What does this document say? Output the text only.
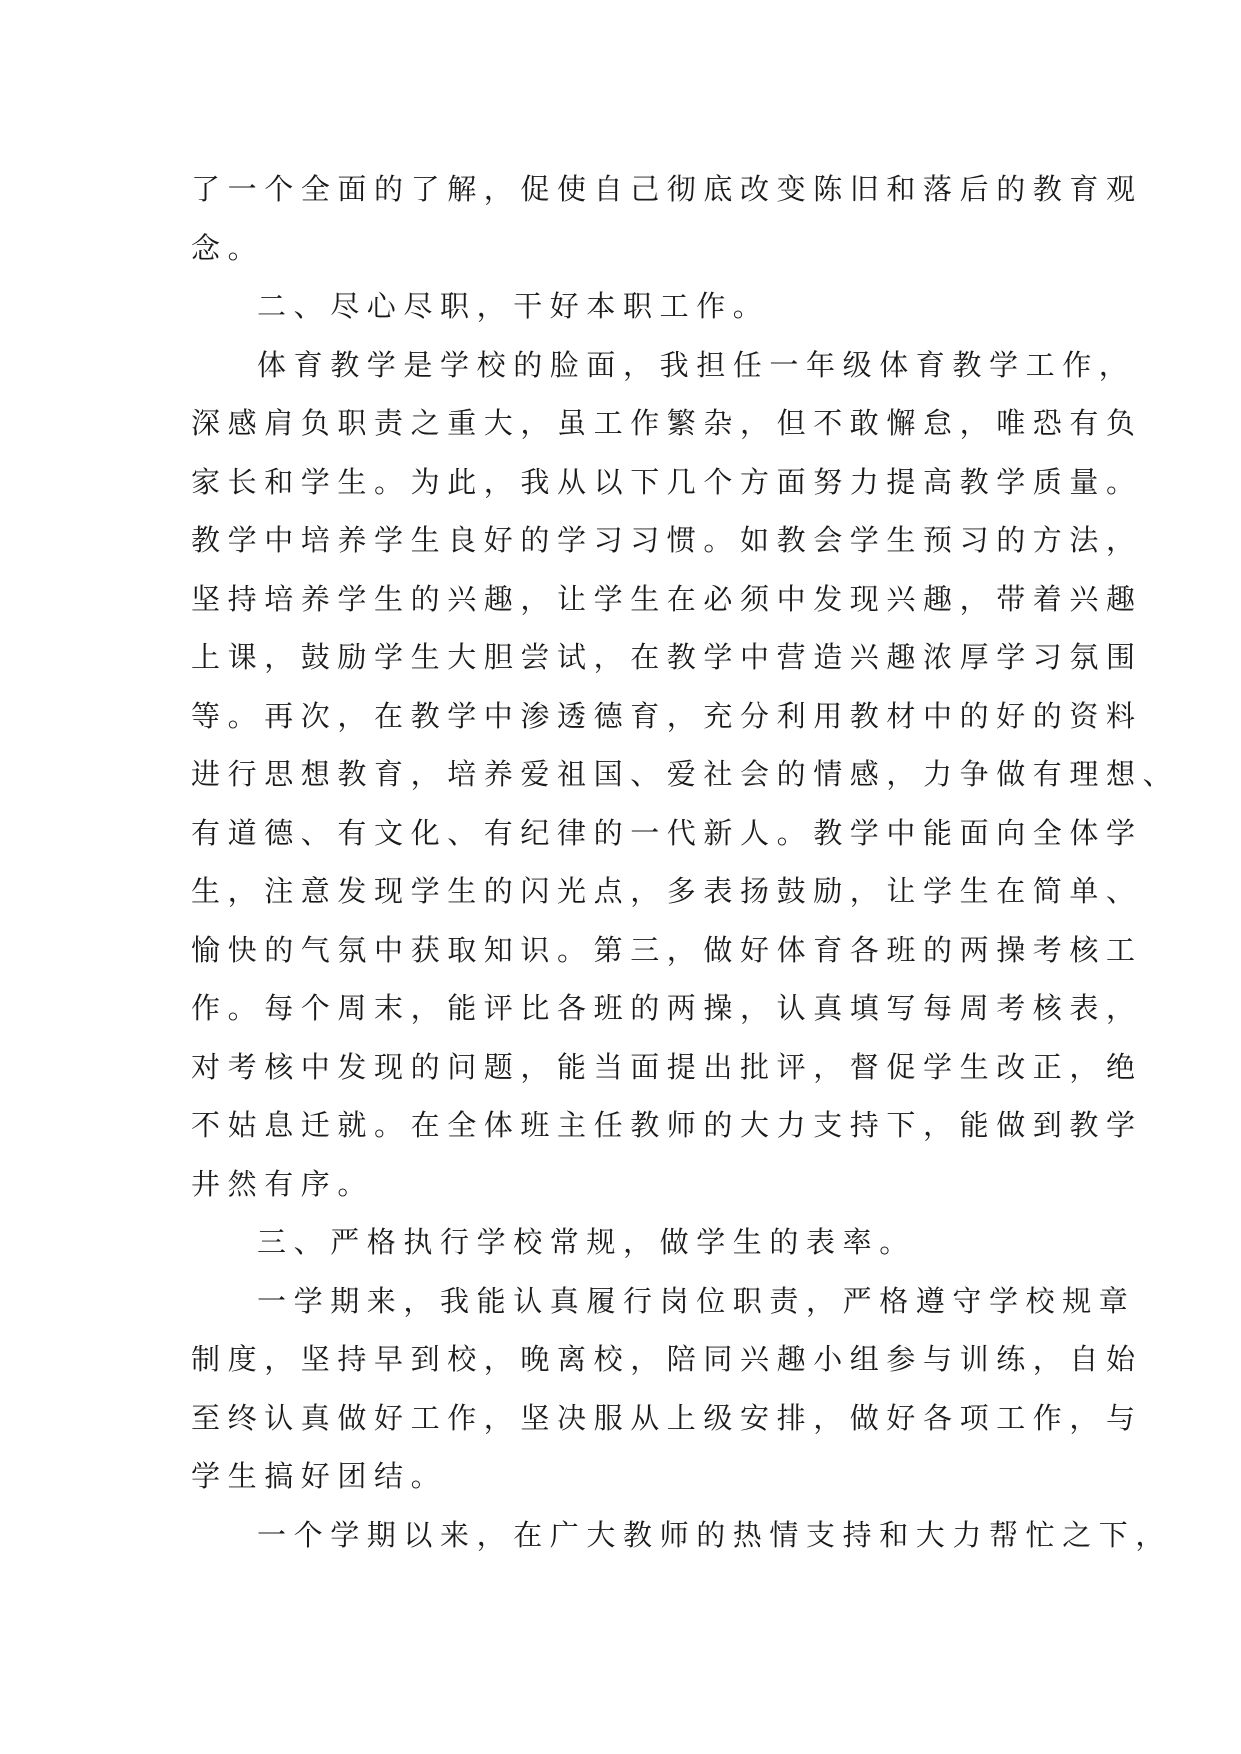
了一个全面的了解，促使自己彻底改变陈旧和落后的教育观
念。
二、尽心尽职，干好本职工作。
体育教学是学校的脸面，我担任一年级体育教学工作，
深感肩负职责之重大，虽工作繁杂，但不敢懈怠，唯恐有负
家长和学生。为此，我从以下几个方面努力提高教学质量。
教学中培养学生良好的学习习惯。如教会学生预习的方法，
坚持培养学生的兴趣，让学生在必须中发现兴趣，带着兴趣
上课，鼓励学生大胆尝试，在教学中营造兴趣浓厚学习氛围
等。再次，在教学中渗透德育，充分利用教材中的好的资料
进行思想教育，培养爱祖国、爱社会的情感，力争做有理想、
有道德、有文化、有纪律的一代新人。教学中能面向全体学
生，注意发现学生的闪光点，多表扬鼓励，让学生在简单、
愉快的气氛中获取知识。第三，做好体育各班的两操考核工
作。每个周末，能评比各班的两操，认真填写每周考核表，
对考核中发现的问题，能当面提出批评，督促学生改正，绝
不姑息迁就。在全体班主任教师的大力支持下，能做到教学
井然有序。
三、严格执行学校常规，做学生的表率。
一学期来，我能认真履行岗位职责，严格遵守学校规章
制度，坚持早到校，晚离校，陪同兴趣小组参与训练，自始
至终认真做好工作，坚决服从上级安排，做好各项工作，与
学生搞好团结。
一个学期以来，在广大教师的热情支持和大力帮忙之下，
